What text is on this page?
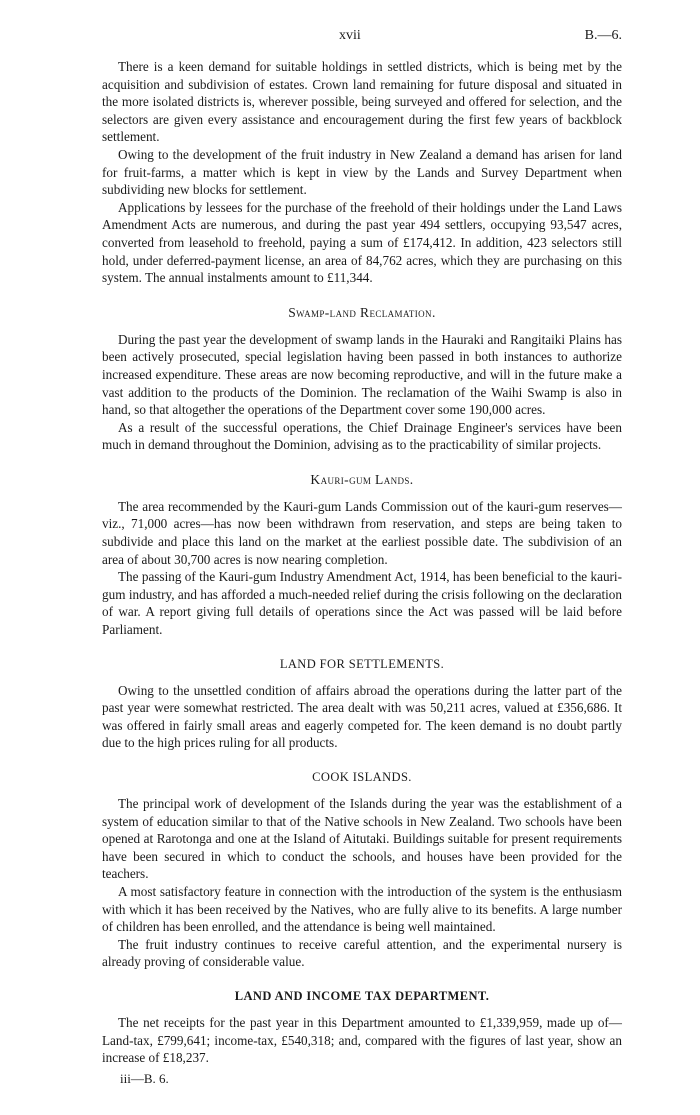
xvii	B.—6.

There is a keen demand for suitable holdings in settled districts, which is being met by the acquisition and subdivision of estates. Crown land remaining for future disposal and situated in the more isolated districts is, wherever possible, being surveyed and offered for selection, and the selectors are given every assistance and encouragement during the first few years of backblock settlement.

Owing to the development of the fruit industry in New Zealand a demand has arisen for land for fruit-farms, a matter which is kept in view by the Lands and Survey Department when subdividing new blocks for settlement.

Applications by lessees for the purchase of the freehold of their holdings under the Land Laws Amendment Acts are numerous, and during the past year 494 settlers, occupying 93,547 acres, converted from leasehold to freehold, paying a sum of £174,412. In addition, 423 selectors still hold, under deferred-payment license, an area of 84,762 acres, which they are purchasing on this system. The annual instalments amount to £11,344.

Swamp-land Reclamation.

During the past year the development of swamp lands in the Hauraki and Rangitaiki Plains has been actively prosecuted, special legislation having been passed in both instances to authorize increased expenditure. These areas are now becoming reproductive, and will in the future make a vast addition to the products of the Dominion. The reclamation of the Waihi Swamp is also in hand, so that altogether the operations of the Department cover some 190,000 acres.

As a result of the successful operations, the Chief Drainage Engineer's services have been much in demand throughout the Dominion, advising as to the practicability of similar projects.

Kauri-gum Lands.

The area recommended by the Kauri-gum Lands Commission out of the kauri-gum reserves—viz., 71,000 acres—has now been withdrawn from reservation, and steps are being taken to subdivide and place this land on the market at the earliest possible date. The subdivision of an area of about 30,700 acres is now nearing completion.

The passing of the Kauri-gum Industry Amendment Act, 1914, has been beneficial to the kauri-gum industry, and has afforded a much-needed relief during the crisis following on the declaration of war. A report giving full details of operations since the Act was passed will be laid before Parliament.

LAND FOR SETTLEMENTS.

Owing to the unsettled condition of affairs abroad the operations during the latter part of the past year were somewhat restricted. The area dealt with was 50,211 acres, valued at £356,686. It was offered in fairly small areas and eagerly competed for. The keen demand is no doubt partly due to the high prices ruling for all products.

COOK ISLANDS.

The principal work of development of the Islands during the year was the establishment of a system of education similar to that of the Native schools in New Zealand. Two schools have been opened at Rarotonga and one at the Island of Aitutaki. Buildings suitable for present requirements have been secured in which to conduct the schools, and houses have been provided for the teachers.

A most satisfactory feature in connection with the introduction of the system is the enthusiasm with which it has been received by the Natives, who are fully alive to its benefits. A large number of children has been enrolled, and the attendance is being well maintained.

The fruit industry continues to receive careful attention, and the experimental nursery is already proving of considerable value.

LAND AND INCOME TAX DEPARTMENT.

The net receipts for the past year in this Department amounted to £1,339,959, made up of—Land-tax, £799,641; income-tax, £540,318; and, compared with the figures of last year, show an increase of £18,237.

iii—B. 6.
